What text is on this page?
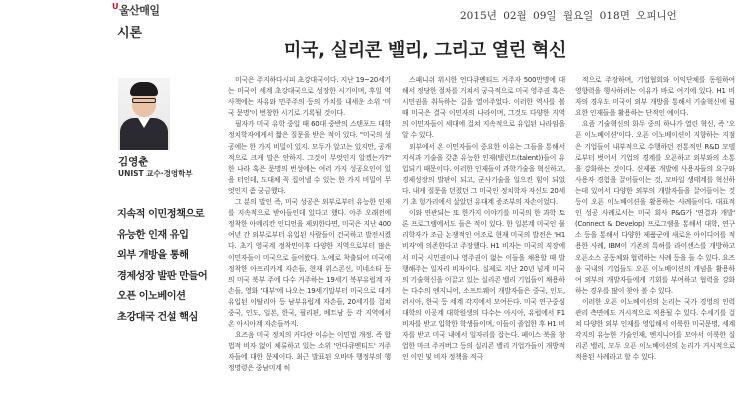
$^U$울산매일
시론
2015년 02월 09일 월요일 018면 오피니언
미국, 실리콘 밸리, 그리고 열린 혁신
김영춘
UNIST 교수·경영학부
지속적 이민정책으로
유능한 인재 유입
외부 개방을 통해
경제성장 발판 만들어
오픈 이노베이션
초강대국 건설 핵심

미국은 주지하다시피 초강대국이다. 지난 19~20세기는 미국이 세계 초강대국으로 성장한 시기이며, 후일 역사책에는 자유와 민주주의 등의 가치를 내세운 소위 '미국 문명'이 번창한 시기로 기록될 것이다.

필자가 미국 유학 중일 때 60대 중반의 스탠포드 대학 정치학자에게서 짧은 질문을 받은 적이 있다. "미국의 성공에는 한 가지 비밀이 있지. 모두가 알고는 있지만, 공개적으로 크게 말은 안하지. 그것이 무엇인지 알겠는가?" 한 나라 혹은 문명의 번성에는 여러 가지 성공요인이 있을 터인데, 도대체 꼭 집어낼 수 있는 한 가지 비밀이 무엇인지 좀 궁금했다.

그 분의 말인 즉, 미국 성공은 외부로부터 유능한 인재를 지속적으로 받아들인데 있다고 했다. 아주 오래전에 정착한 아메리칸 인디언을 제외한다면, 미국은 지난 400여년 간 외부로부터 유입된 사람들이 건국하고 발전시켰다. 초기 영국계 정착민이후 다양한 지역으로부터 많은 이민자들이 미국으로 들어왔다. 노예로 착출되어 미국에 정착한 아프리카계 자손들, 현재 위스콘신, 미네소타 등의 미국 북부 주에 다수 거주하는 19세기 북부유럽계 자손들, 영화 '대부'에 나오는 19세기말부터 미국으로 대거 유입된 이탈리아 등 남부유럽계 자손들, 20세기를 걸쳐 중국, 인도, 일본, 한국, 필리핀, 베트남 등 각 지역에서 온 아시아계 자손들까지.

요즈음 미국 정치의 커다란 이슈는 이민법 개정. 즉 합법적 비자 없이 체류하고 있는 소위 '언다큐멘티드' 거주자들에 대한 문제이다. 최근 발표된 오바마 행정부의 행정명령은 중남미계 히

스패니쉬 위시한 언다큐멘티드 거주자 500만명에 대해서 정당한 절차를 거쳐서 궁극적으로 미국 영주권 혹은 시민권을 취득하는 길을 열어주었다. 이러한 역사를 볼 때 미국은 결국 이민자의 나라이며, 그것도 다양한 지역의 이민자들이 세대에 걸쳐 지속적으로 유입된 나라임을 알 수 있다.

외부에서 온 이민자들이 중요한 이유는 그들을 통해서 지식과 기술을 갖춘 유능한 인재(탤런트(talent))들이 유입되기 때문이다. 이러한 인재들이 과학기술을 혁신하고, 경제성장의 발판이 되고, 군사기술을 일으킨 힘이 되었다. 내게 질문을 던졌던 그 미국인 정치학자 자신도 20세기 초 헝가리에서 살았던 유대계 증조부의 자손이었다.

이와 연관되는 또 한가지 이야기를 미국의 한 과학 토론 프로그램에서도 들은 적이 있다. 한 일본계 미국인 물리학자가 조금 논쟁적인 어조로 현재 미국의 발전은 'H1 비자'에 의존한다고 주장했다. H1 비자는 미국의 직장에서 미국 시민권이나 영주권이 없는 이들을 채용할 때 발행해주는 일자리 비자이다. 실제로 지난 20년 넘게 미국의 기술혁신을 이끌고 있는 실리콘 밸리 기업들이 채용하는 다수의 엔지니어, 소프트웨어 개발자들은 중국, 인도, 러시아, 한국 등 세계 각지에서 모여든다. 미국 연구중심대학의 이공계 대학원생의 다수는 아시아, 유럽에서 F1 비자를 받고 입학한 학생들이며, 이들이 졸업한 후 H1 비자를 받고 미국 내에서 일자리를 잡는다. 페이스 북을 창업한 마크 주커버그 등의 실리콘 밸리 기업가들이 개방적인 이민 및 비자 정책을 적극

적으로 주장하며, 기업협회와 이익단체를 동원하여 영향력을 행사하려는 이유가 바로 여기에 있다. H1 비자의 경우도 미국이 외부 개방을 통해서 기술혁신에 필요한 인재들을 활용하는 단적인 예이다.

요즘 기술혁신의 화두 중의 하나가 열린 혁신, 즉 '오픈 이노베이션'이다. 오픈 이노베이션이 지향하는 지점은 기업들이 내부적으로 수행하던 전통적인 R&D 모델로부터 벗어서 기업의 경계를 오픈하고 외부와의 소통을 강화하는 것이다. 신제품 개발에 사용자들의 요구와 사용자 경험을 끌어들이는 것, 모바일 생태계를 혁신하는데 있어서 다양한 외부의 개발자들을 끌어들이는 것 등이 오픈 이노베이션을 활용하는 사례들이다. 대표적인 성공 사례로서는 미국 회사 P&G가 '연결과 개발' (Connect & Develop) 프로그램을 통해서 대학, 연구소 등을 통해서 다양한 제품군에 새로운 아이디어를 적용한 사례, IBM이 기존의 특허를 라이센스를 개방하고 오픈소스 공동체와 협력하는 사례 등을 들 수 있다. 요즈음 국내의 기업들도 오픈 이노베이션의 개념을 활용하여 외부의 개발자들에게 기회를 부여하고 협력을 강화하는 경우를 많이 찾아 볼 수 있다.

이러한 오픈 이노베이션의 논리는 국가 경영의 인력관리 측면에도 거시적으로 적용될 수 있다. 수세기를 걸쳐 다양한 외부 인재를 영입해서 이룩한 미국문명, 세계 각지의 유능한 기술인재, 엔지니어를 모아서 이룩한 실리콘 밸리, 모두 오픈 이노베이션의 논리가 거시적으로 적용된 사례라고 할 수 있다.
